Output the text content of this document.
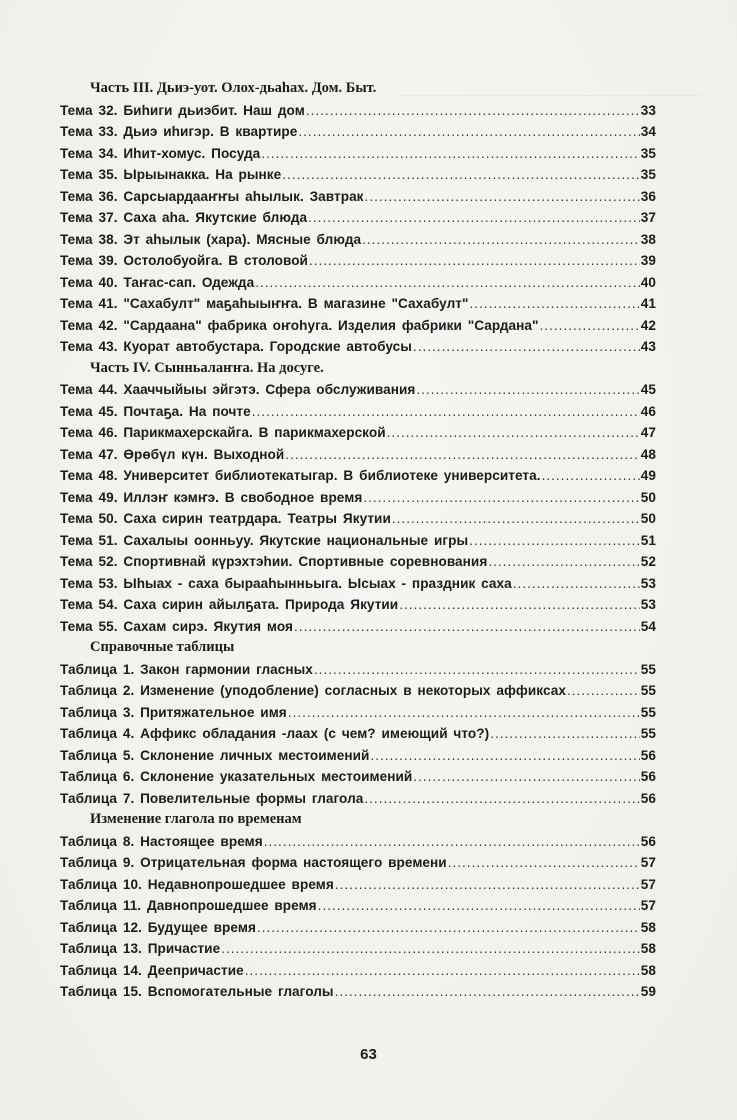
Часть III. Дьиэ-уот. Олох-дьаһах. Дом. Быт.
Тема 32. Биһиги дьиэбит. Наш дом .....	33
Тема 33. Дьиэ иһигэр. В квартире .....	34
Тема 34. Иһит-хомус. Посуда .....	35
Тема 35. Ырыынакка. На рынке .....	35
Тема 36. Сарсыардааҥҥы аһылык. Завтрак .....	36
Тема 37. Саха аһа. Якутские блюда .....	37
Тема 38. Эт аһылык (хара). Мясные блюда .....	38
Тема 39. Остолобуойга. В столовой .....	39
Тема 40. Таҥас-сап. Одежда .....	40
Тема 41. "Сахабулт" маҕаһыыҥҥа. В магазине "Сахабулт" .....	41
Тема 42. "Сардаана" фабрика оҥоһуга. Изделия фабрики "Сардана" .....	42
Тема 43. Куорат автобустара. Городские автобусы .....	43
Часть IV. Сынньалаҥҥа. На досуге.
Тема 44. Хааччыйыы эйгэтэ. Сфера обслуживания .....	45
Тема 45. Почтаҕа. На почте .....	46
Тема 46. Парикмахерскайга. В парикмахерской .....	47
Тема 47. Өрөбүл күн. Выходной .....	48
Тема 48. Университет библиотекатыгар. В библиотеке университета. .....	49
Тема 49. Иллэҥ кэмҥэ. В свободное время .....	50
Тема 50. Саха сирин театрдара. Театры Якутии .....	50
Тема 51. Сахалыы оонньуу. Якутские национальные игры .....	51
Тема 52. Спортивнай күрэхтэһии. Спортивные соревнования .....	52
Тема 53. Ыһыах - саха бырааһынньыга. Ысыах - праздник саха .....	53
Тема 54. Саха сирин айылҕата. Природа Якутии .....	53
Тема 55. Сахам сирэ. Якутия моя .....	54
Справочные таблицы
Таблица 1. Закон гармонии гласных .....	55
Таблица 2. Изменение (уподобление) согласных в некоторых аффиксах .....	55
Таблица 3. Притяжательное имя .....	55
Таблица 4. Аффикс обладания -лаах (с чем? имеющий что?) .....	55
Таблица 5. Склонение личных местоимений .....	56
Таблица 6. Склонение указательных местоимений .....	56
Таблица 7. Повелительные формы глагола .....	56
Изменение глагола по временам
Таблица 8. Настоящее время .....	56
Таблица 9. Отрицательная форма настоящего времени .....	57
Таблица 10. Недавнопрошедшее время .....	57
Таблица 11. Давнопрошедшее время .....	57
Таблица 12. Будущее время .....	58
Таблица 13. Причастие .....	58
Таблица 14. Деепричастие .....	58
Таблица 15. Вспомогательные глаголы .....	59
63
